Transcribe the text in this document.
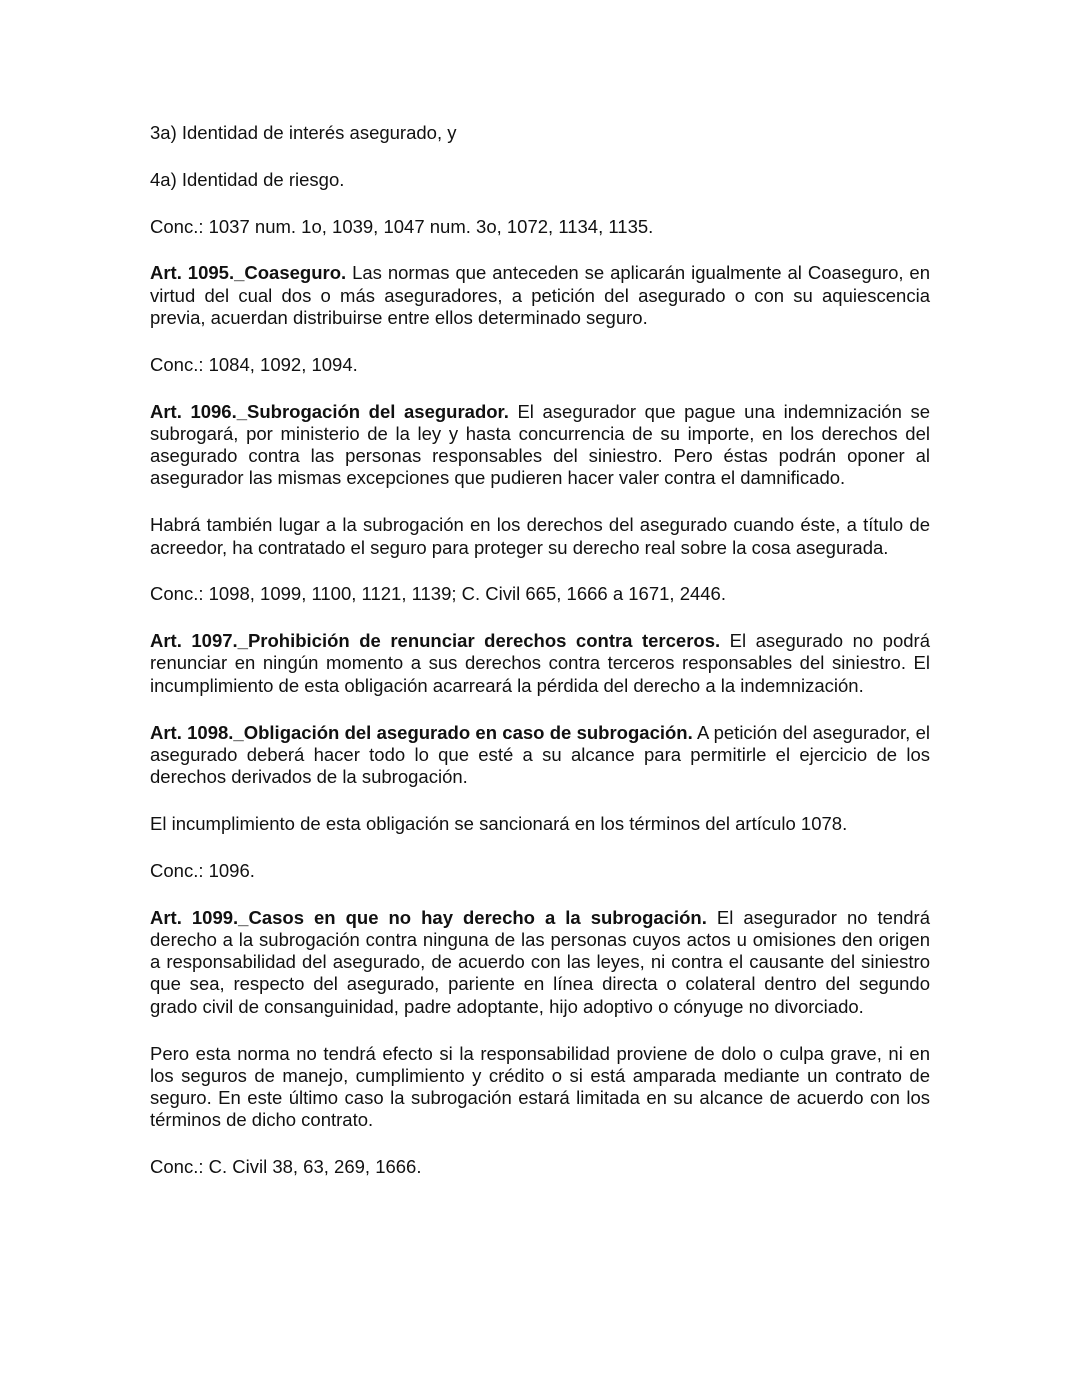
3a) Identidad de interés asegurado, y

4a) Identidad de riesgo.

Conc.: 1037 num. 1o, 1039, 1047 num. 3o, 1072, 1134, 1135.

Art. 1095._Coaseguro. Las normas que anteceden se aplicarán igualmente al Coaseguro, en virtud del cual dos o más aseguradores, a petición del asegurado o con su aquiescencia previa, acuerdan distribuirse entre ellos determinado seguro.

Conc.: 1084, 1092, 1094.

Art. 1096._Subrogación del asegurador. El asegurador que pague una indemnización se subrogará, por ministerio de la ley y hasta concurrencia de su importe, en los derechos del asegurado contra las personas responsables del siniestro. Pero éstas podrán oponer al asegurador las mismas excepciones que pudieren hacer valer contra el damnificado.

Habrá también lugar a la subrogación en los derechos del asegurado cuando éste, a título de acreedor, ha contratado el seguro para proteger su derecho real sobre la cosa asegurada.

Conc.: 1098, 1099, 1100, 1121, 1139; C. Civil 665, 1666 a 1671, 2446.

Art. 1097._Prohibición de renunciar derechos contra terceros. El asegurado no podrá renunciar en ningún momento a sus derechos contra terceros responsables del siniestro. El incumplimiento de esta obligación acarreará la pérdida del derecho a la indemnización.

Art. 1098._Obligación del asegurado en caso de subrogación. A petición del asegurador, el asegurado deberá hacer todo lo que esté a su alcance para permitirle el ejercicio de los derechos derivados de la subrogación.

El incumplimiento de esta obligación se sancionará en los términos del artículo 1078.

Conc.: 1096.

Art. 1099._Casos en que no hay derecho a la subrogación. El asegurador no tendrá derecho a la subrogación contra ninguna de las personas cuyos actos u omisiones den origen a responsabilidad del asegurado, de acuerdo con las leyes, ni contra el causante del siniestro que sea, respecto del asegurado, pariente en línea directa o colateral dentro del segundo grado civil de consanguinidad, padre adoptante, hijo adoptivo o cónyuge no divorciado.

Pero esta norma no tendrá efecto si la responsabilidad proviene de dolo o culpa grave, ni en los seguros de manejo, cumplimiento y crédito o si está amparada mediante un contrato de seguro. En este último caso la subrogación estará limitada en su alcance de acuerdo con los términos de dicho contrato.

Conc.: C. Civil 38, 63, 269, 1666.
